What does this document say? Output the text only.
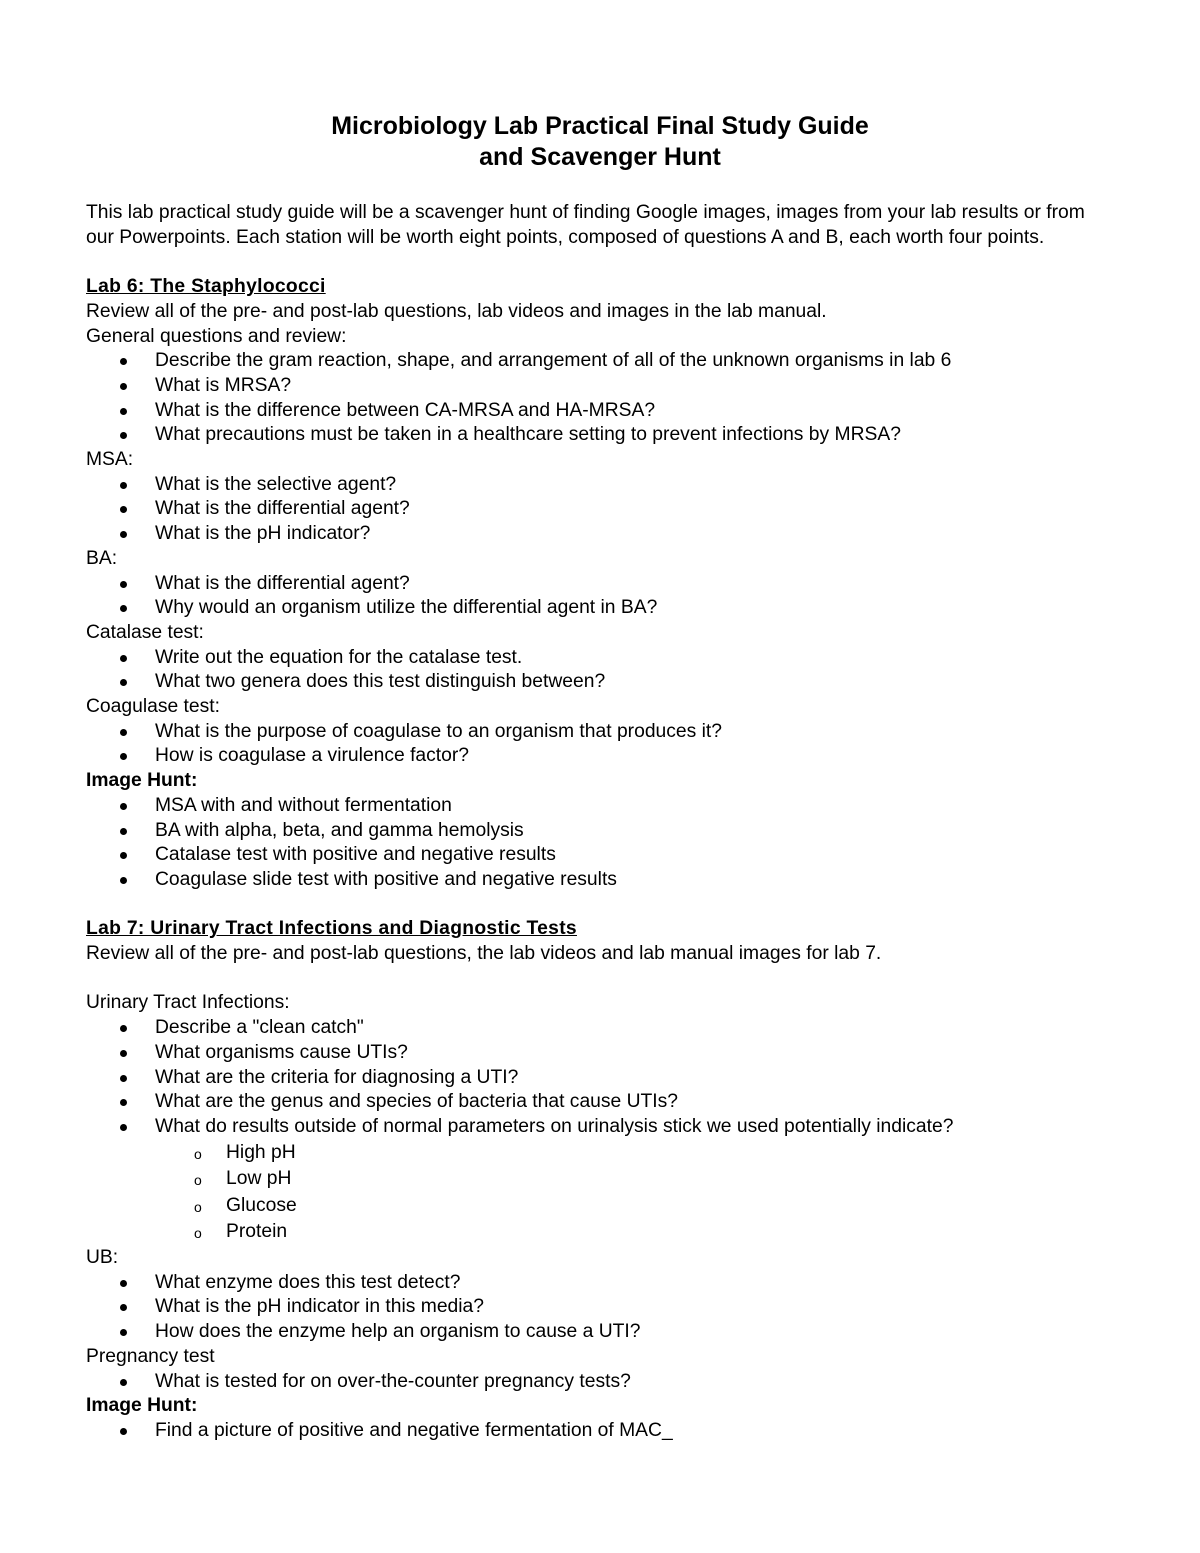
Microbiology Lab Practical Final Study Guide
and Scavenger Hunt

This lab practical study guide will be a scavenger hunt of finding Google images, images from your lab results or from our Powerpoints. Each station will be worth eight points, composed of questions A and B, each worth four points.

Lab 6: The Staphylococci
Review all of the pre- and post-lab questions, lab videos and images in the lab manual.
General questions and review:
Describe the gram reaction, shape, and arrangement of all of the unknown organisms in lab 6
What is MRSA?
What is the difference between CA-MRSA and HA-MRSA?
What precautions must be taken in a healthcare setting to prevent infections by MRSA?
MSA:
What is the selective agent?
What is the differential agent?
What is the pH indicator?
BA:
What is the differential agent?
Why would an organism utilize the differential agent in BA?
Catalase test:
Write out the equation for the catalase test.
What two genera does this test distinguish between?
Coagulase test:
What is the purpose of coagulase to an organism that produces it?
How is coagulase a virulence factor?
Image Hunt:
MSA with and without fermentation
BA with alpha, beta, and gamma hemolysis
Catalase test with positive and negative results
Coagulase slide test with positive and negative results
Lab 7: Urinary Tract Infections and Diagnostic Tests
Review all of the pre- and post-lab questions, the lab videos and lab manual images for lab 7.
Urinary Tract Infections:
Describe a "clean catch"
What organisms cause UTIs?
What are the criteria for diagnosing a UTI?
What are the genus and species of bacteria that cause UTIs?
What do results outside of normal parameters on urinalysis stick we used potentially indicate?
o High pH
o Low pH
o Glucose
o Protein
UB:
What enzyme does this test detect?
What is the pH indicator in this media?
How does the enzyme help an organism to cause a UTI?
Pregnancy test
What is tested for on over-the-counter pregnancy tests?
Image Hunt:
Find a picture of positive and negative fermentation of MAC_
